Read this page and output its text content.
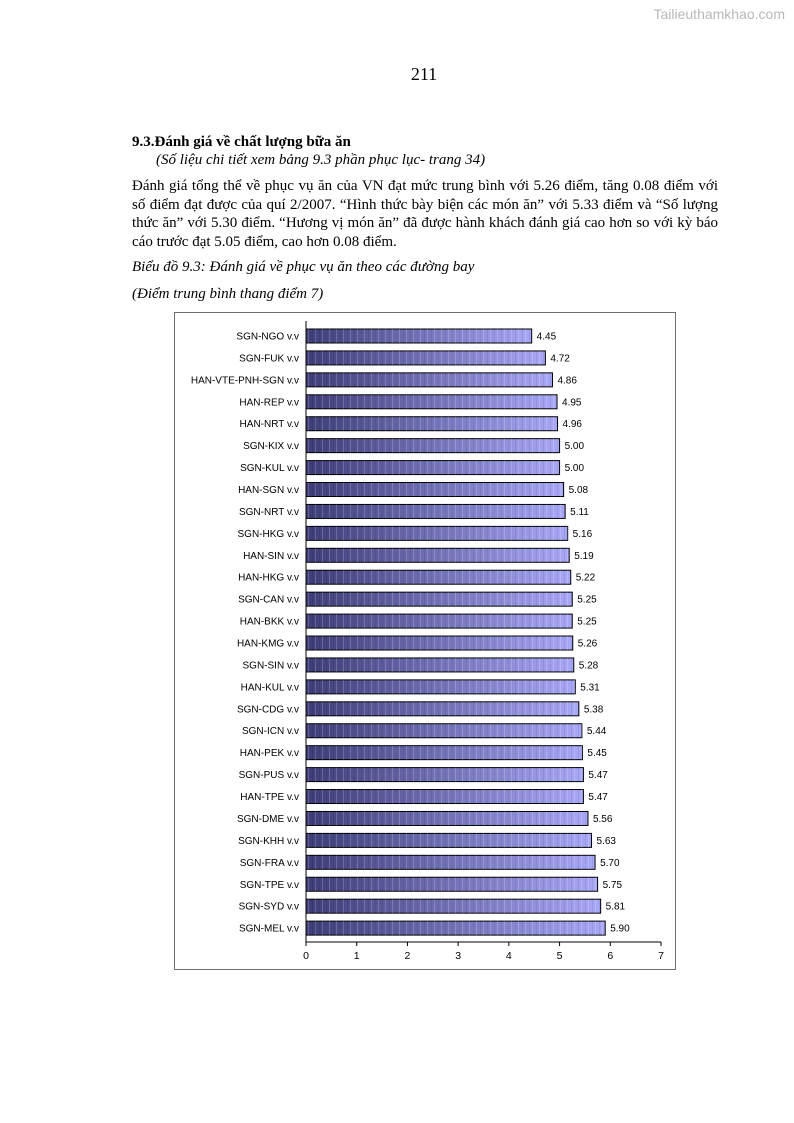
Tailieuthamkhao.com
211
9.3.Đánh giá về chất lượng bữa ăn
(Số liệu chi tiết xem bảng 9.3 phần phục lục- trang 34)
Đánh giá tổng thể về phục vụ ăn của VN đạt mức trung bình với 5.26 điểm, tăng 0.08 điểm với số điểm đạt được của quí 2/2007. “Hình thức bày biện các món ăn” với 5.33 điểm và “Số lượng thức ăn” với 5.30 điểm. “Hương vị món ăn” đã được hành khách đánh giá cao hơn so với kỳ báo cáo trước đạt 5.05 điểm, cao hơn 0.08 điểm.
Biểu đồ 9.3: Đánh giá về phục vụ ăn theo các đường bay
(Điểm trung bình thang điểm 7)
SGN-NGO v.v	4.45
SGN-FUK v.v	4.72
HAN-VTE-PNH-SGN v.v	4.86
HAN-REP v.v	4.95
HAN-NRT v.v	4.96
SGN-KIX v.v	5.00
SGN-KUL v.v	5.00
HAN-SGN v.v	5.08
SGN-NRT v.v	5.11
SGN-HKG v.v	5.16
HAN-SIN v.v	5.19
HAN-HKG v.v	5.22
SGN-CAN v.v	5.25
HAN-BKK v.v	5.25
HAN-KMG v.v	5.26
SGN-SIN v.v	5.28
HAN-KUL v.v	5.31
SGN-CDG v.v	5.38
SGN-ICN v.v	5.44
HAN-PEK v.v	5.45
SGN-PUS v.v	5.47
HAN-TPE v.v	5.47
SGN-DME v.v	5.56
SGN-KHH v.v	5.63
SGN-FRA v.v	5.70
SGN-TPE v.v	5.75
SGN-SYD v.v	5.81
SGN-MEL v.v	5.90
0	1	2	3	4	5	6	7
